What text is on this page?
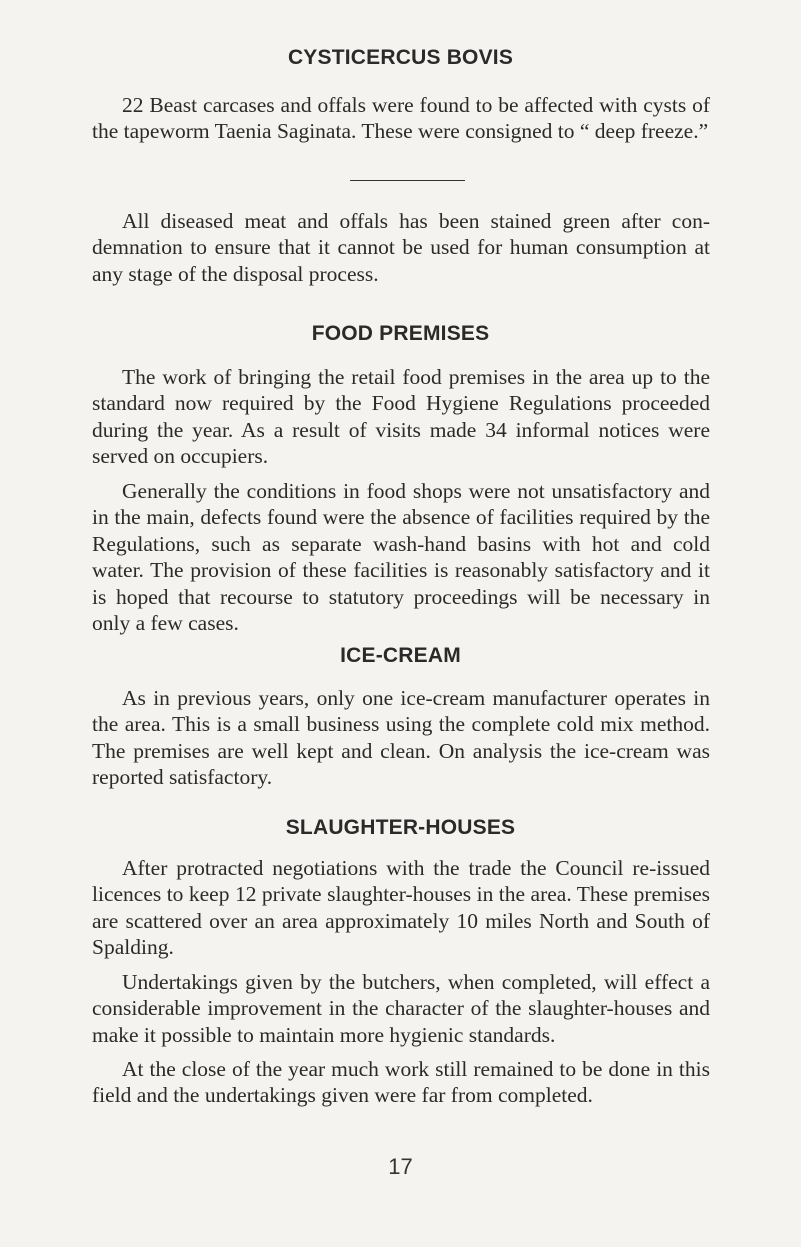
CYSTICERCUS BOVIS

22 Beast carcases and offals were found to be affected with cysts of the tapeworm Taenia Saginata. These were consigned to “ deep freeze.”

All diseased meat and offals has been stained green after con-demnation to ensure that it cannot be used for human consumption at any stage of the disposal process.

FOOD PREMISES

The work of bringing the retail food premises in the area up to the standard now required by the Food Hygiene Regulations proceeded during the year. As a result of visits made 34 informal notices were served on occupiers.

Generally the conditions in food shops were not unsatisfactory and in the main, defects found were the absence of facilities required by the Regulations, such as separate wash-hand basins with hot and cold water. The provision of these facilities is reasonably satisfactory and it is hoped that recourse to statutory proceedings will be necessary in only a few cases.

ICE-CREAM

As in previous years, only one ice-cream manufacturer operates in the area. This is a small business using the complete cold mix method. The premises are well kept and clean. On analysis the ice-cream was reported satisfactory.

SLAUGHTER-HOUSES

After protracted negotiations with the trade the Council re-issued licences to keep 12 private slaughter-houses in the area. These premises are scattered over an area approximately 10 miles North and South of Spalding.

Undertakings given by the butchers, when completed, will effect a considerable improvement in the character of the slaughter-houses and make it possible to maintain more hygienic standards.

At the close of the year much work still remained to be done in this field and the undertakings given were far from completed.

17
